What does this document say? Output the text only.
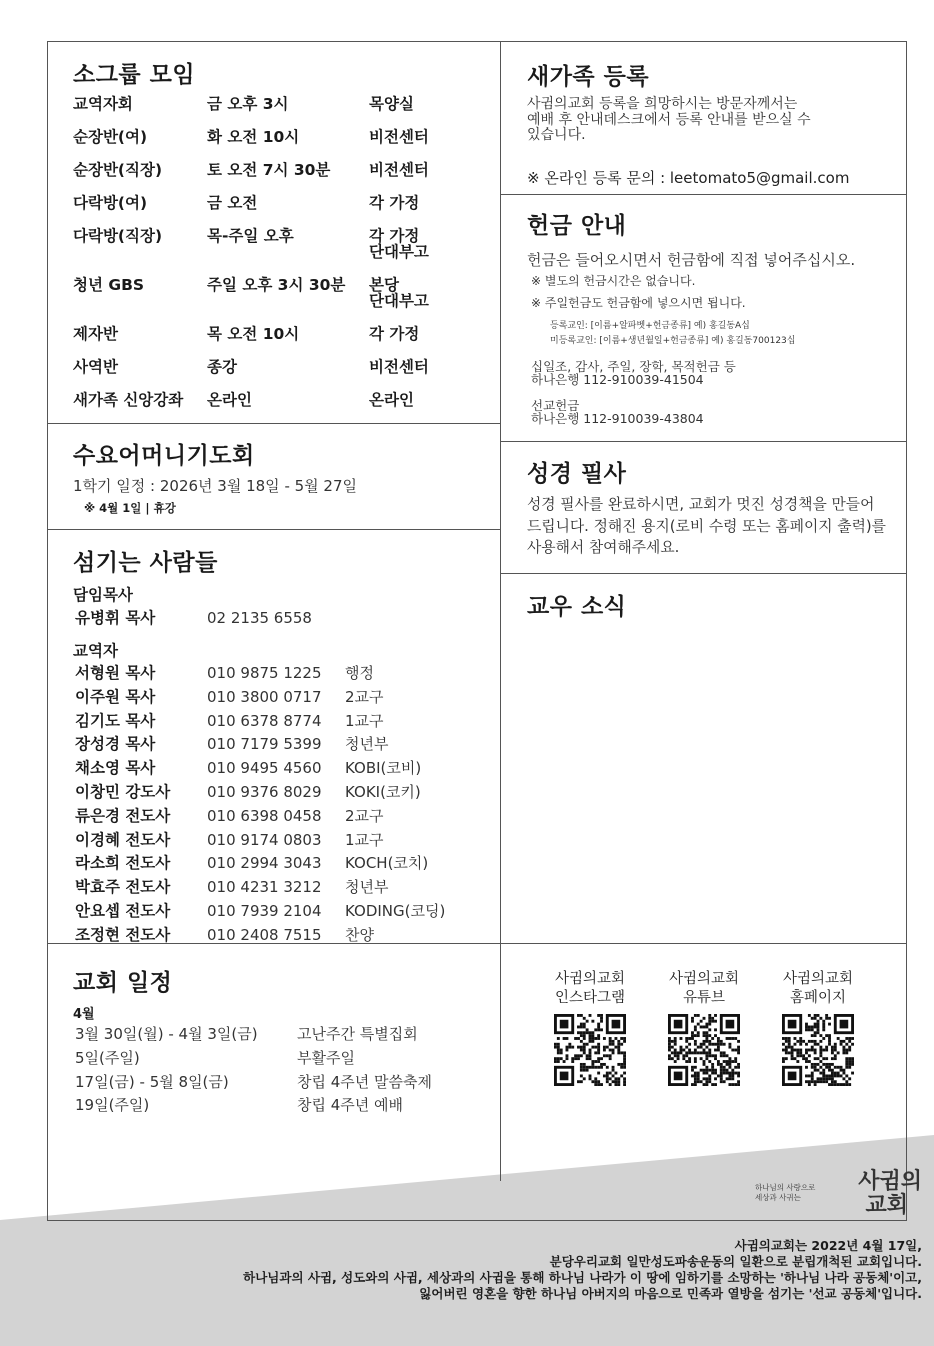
소그룹 모임
교역자회	금 오후 3시	목양실
순장반(여)	화 오전 10시	비전센터
순장반(직장)	토 오전 7시 30분	비전센터
다락방(여)	금 오전	각 가정
다락방(직장)	목-주일 오후	각 가정
단대부고
청년 GBS	주일 오후 3시 30분	본당
단대부고
제자반	목 오전 10시	각 가정
사역반	종강	비전센터
새가족 신앙강좌	온라인	온라인
수요어머니기도회
1학기 일정 : 2026년 3월 18일 - 5월 27일
※ 4월 1일 | 휴강
섬기는 사람들
담임목사
유병휘 목사	02 2135 6558
교역자
서형원 목사	010 9875 1225	행정
이주원 목사	010 3800 0717	2교구
김기도 목사	010 6378 8774	1교구
장성경 목사	010 7179 5399	청년부
채소영 목사	010 9495 4560	KOBI(코비)
이창민 강도사	010 9376 8029	KOKI(코키)
류은경 전도사	010 6398 0458	2교구
이경혜 전도사	010 9174 0803	1교구
라소희 전도사	010 2994 3043	KOCH(코치)
박효주 전도사	010 4231 3212	청년부
안요셉 전도사	010 7939 2104	KODING(코딩)
조정현 전도사	010 2408 7515	찬양
교회 일정
4월
3월 30일(월) - 4월 3일(금)	고난주간 특별집회
5일(주일)	부활주일
17일(금) - 5월 8일(금)	창립 4주년 말씀축제
19일(주일)	창립 4주년 예배
새가족 등록
사귐의교회 등록을 희망하시는 방문자께서는
예배 후 안내데스크에서 등록 안내를 받으실 수
있습니다.
※ 온라인 등록 문의 : leetomato5@gmail.com
헌금 안내
헌금은 들어오시면서 헌금함에 직접 넣어주십시오.
※ 별도의 헌금시간은 없습니다.
※ 주일헌금도 헌금함에 넣으시면 됩니다.
등록교인: [이름+알파벳+헌금종류] 예) 홍길동A십
미등록교인: [이름+생년월일+헌금종류] 예) 홍길동700123십
십일조, 감사, 주일, 장학, 목적헌금 등
하나은행 112-910039-41504
선교헌금
하나은행 112-910039-43804
성경 필사
성경 필사를 완료하시면, 교회가 멋진 성경책을 만들어
드립니다. 정해진 용지(로비 수령 또는 홈페이지 출력)를
사용해서 참여해주세요.
교우 소식
사귐의교회
인스타그램
사귐의교회
유튜브
사귐의교회
홈페이지
하나님의 사랑으로
세상과 사귀는
사귐의
교회
사귐의교회는 2022년 4월 17일,
분당우리교회 일만성도파송운동의 일환으로 분립개척된 교회입니다.
하나님과의 사귐, 성도와의 사귐, 세상과의 사귐을 통해 하나님 나라가 이 땅에 임하기를 소망하는 '하나님 나라 공동체'이고,
잃어버린 영혼을 향한 하나님 아버지의 마음으로 민족과 열방을 섬기는 '선교 공동체'입니다.
